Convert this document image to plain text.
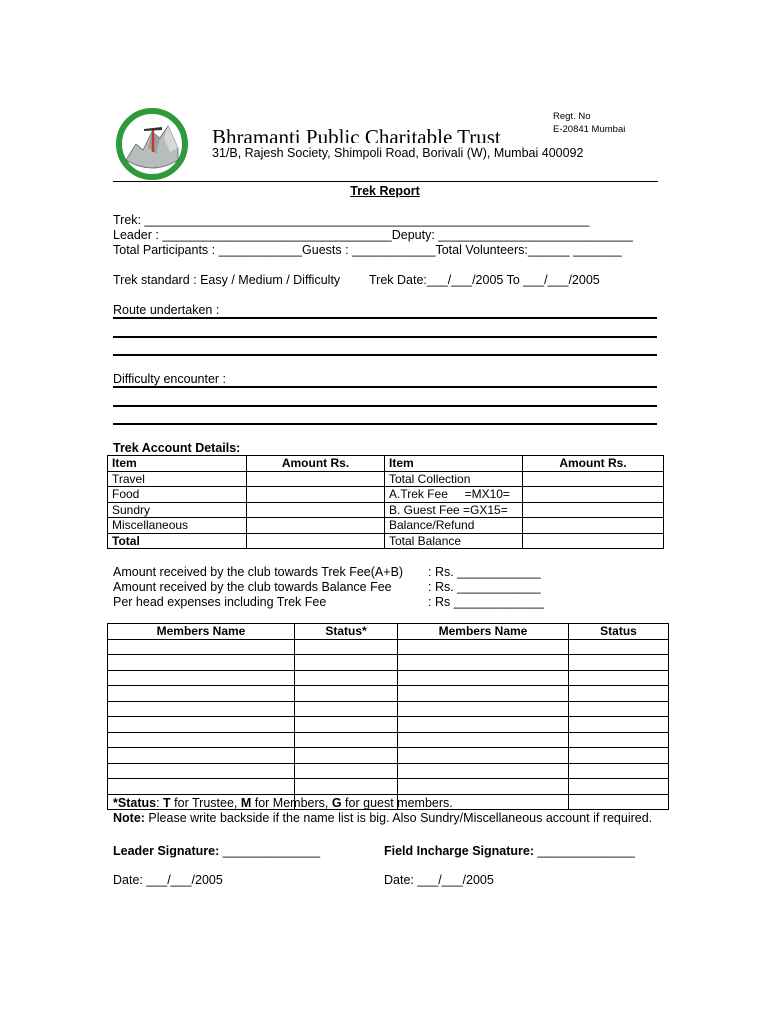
Bhramanti Public Charitable Trust
Regt. No
E-20841 Mumbai
31/B, Rajesh Society, Shimpoli Road, Borivali (W), Mumbai 400092
Trek Report
Trek: ________________________________________________________________
Leader : _________________________________Deputy: ____________________________
Total Participants : ____________Guests : ____________Total Volunteers:______ _______
Trek standard : Easy / Medium / Difficulty Trek Date:___/___/2005 To ___/___/2005
Route undertaken :
Difficulty encounter :
Trek Account Details:
Item	Amount Rs.	Item	Amount Rs.
Travel		Total Collection	
Food		A.Trek Fee     =MX10=	
Sundry		B. Guest Fee =GX15=	
Miscellaneous		Balance/Refund	
Total		Total Balance	
Amount received by the club towards Trek Fee(A+B) : Rs. ____________
Amount received by the club towards Balance Fee	: Rs. ____________
Per head expenses including Trek Fee	: Rs _____________
Members Name	Status*	Members Name	Status

*Status: T for Trustee, M for Members, G for guest members.
Note: Please write backside if the name list is big. Also Sundry/Miscellaneous account if required.
Leader Signature: ______________	Field Incharge Signature: ______________
Date: ___/___/2005	Date: ___/___/2005
